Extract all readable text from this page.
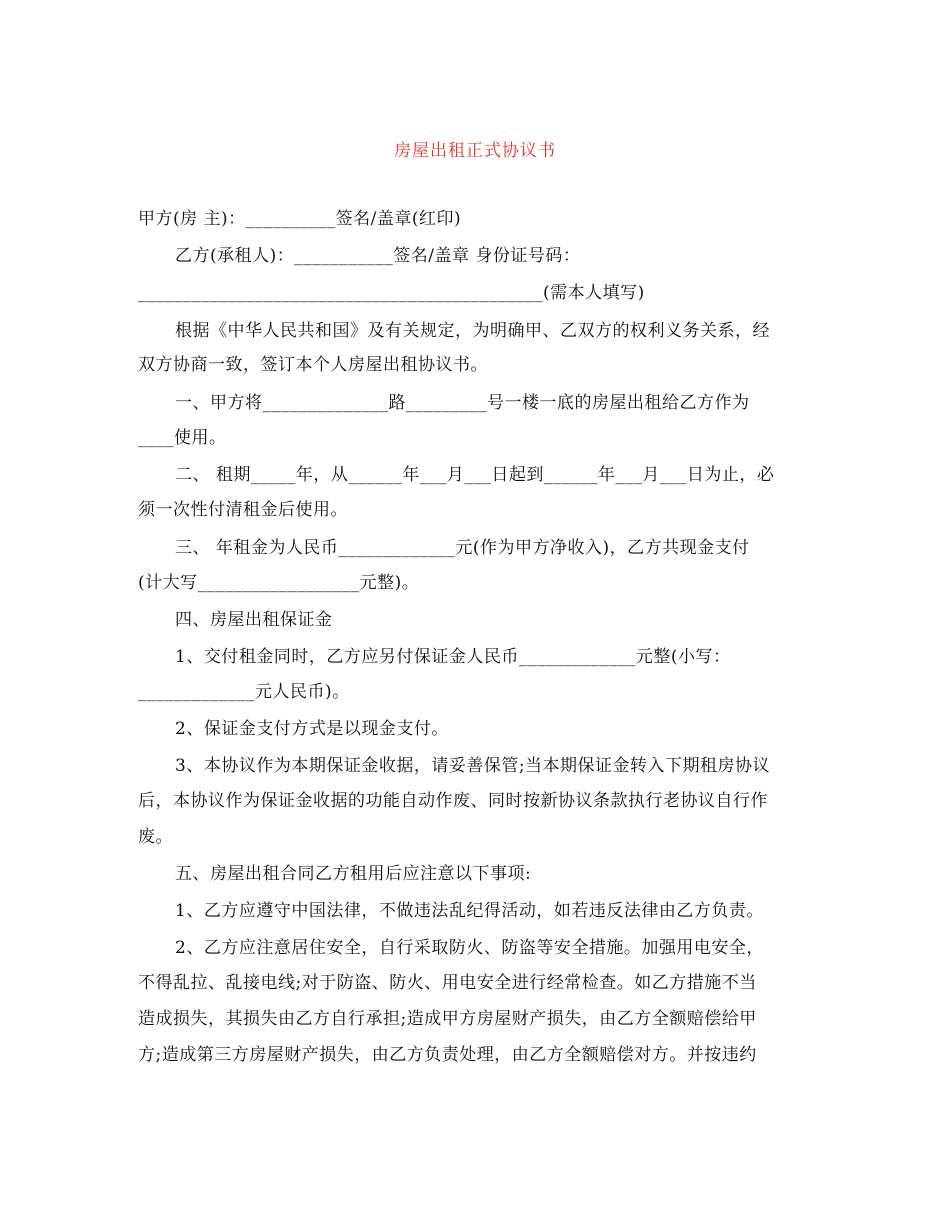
房屋出租正式协议书
甲方(房 主)：__________签名/盖章(红印)
乙方(承租人)：___________签名/盖章 身份证号码：
_____________________________________________(需本人填写)
根据《中华人民共和国》及有关规定，为明确甲、乙双方的权利义务关系，经
双方协商一致，签订本个人房屋出租协议书。
一、甲方将______________路_________号一楼一底的房屋出租给乙方作为
____使用。
二、 租期_____年，从______年___月___日起到______年___月___日为止，必
须一次性付清租金后使用。
三、 年租金为人民币_____________元(作为甲方净收入)，乙方共现金支付
(计大写__________________元整)。
四、房屋出租保证金
1、交付租金同时，乙方应另付保证金人民币_____________元整(小写：
_____________元人民币)。
2、保证金支付方式是以现金支付。
3、本协议作为本期保证金收据，请妥善保管;当本期保证金转入下期租房协议
后，本协议作为保证金收据的功能自动作废、同时按新协议条款执行老协议自行作
废。
五、房屋出租合同乙方租用后应注意以下事项:
1、乙方应遵守中国法律，不做违法乱纪得活动，如若违反法律由乙方负责。
2、乙方应注意居住安全，自行采取防火、防盗等安全措施。加强用电安全，
不得乱拉、乱接电线;对于防盗、防火、用电安全进行经常检查。如乙方措施不当
造成损失，其损失由乙方自行承担;造成甲方房屋财产损失，由乙方全额赔偿给甲
方;造成第三方房屋财产损失，由乙方负责处理，由乙方全额赔偿对方。并按违约
